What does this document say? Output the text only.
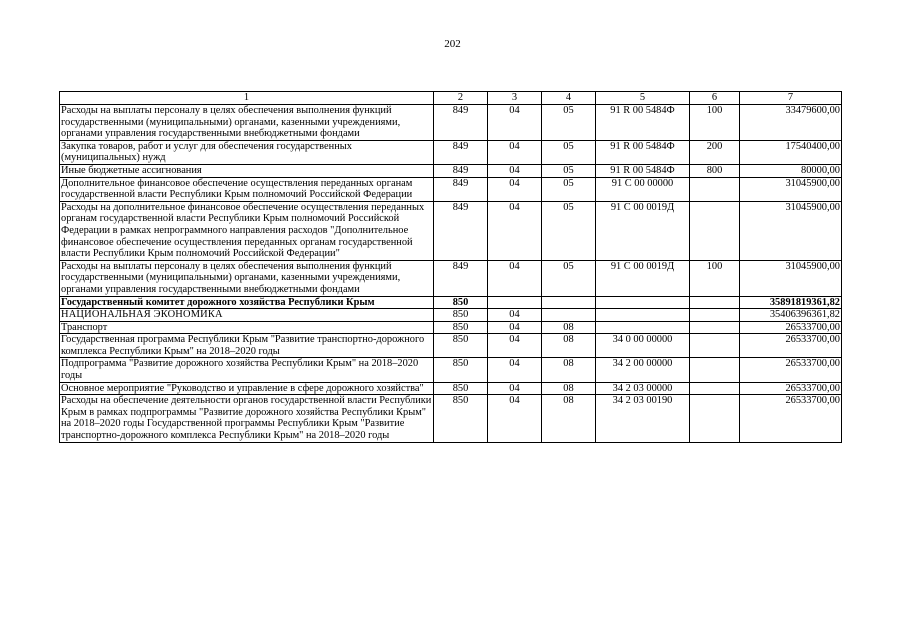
202
1	2	3	4	5	6	7
Расходы на выплаты персоналу в целях обеспечения выполнения функций государственными (муниципальными) органами, казенными учреждениями, органами управления государственными внебюджетными фондами	849	04	05	91 R 00 5484Ф	100	33479600,00
Закупка товаров, работ и услуг для обеспечения государственных (муниципальных) нужд	849	04	05	91 R 00 5484Ф	200	17540400,00
Иные бюджетные ассигнования	849	04	05	91 R 00 5484Ф	800	80000,00
Дополнительное финансовое обеспечение осуществления переданных органам государственной власти Республики Крым полномочий Российской Федерации	849	04	05	91 C 00 00000		31045900,00
Расходы на дополнительное финансовое обеспечение осуществления переданных органам государственной власти Республики Крым полномочий Российской Федерации в рамках непрограммного направления расходов "Дополнительное финансовое обеспечение осуществления переданных органам государственной власти Республики Крым полномочий Российской Федерации"	849	04	05	91 C 00 0019Д		31045900,00
Расходы на выплаты персоналу в целях обеспечения выполнения функций государственными (муниципальными) органами, казенными учреждениями, органами управления государственными внебюджетными фондами	849	04	05	91 C 00 0019Д	100	31045900,00
Государственный комитет дорожного хозяйства Республики Крым	850					35891819361,82
НАЦИОНАЛЬНАЯ ЭКОНОМИКА	850	04				35406396361,82
Транспорт	850	04	08			26533700,00
Государственная программа Республики Крым "Развитие транспортно-дорожного комплекса Республики Крым" на 2018–2020 годы	850	04	08	34 0 00 00000		26533700,00
Подпрограмма "Развитие дорожного хозяйства Республики Крым" на 2018–2020 годы	850	04	08	34 2 00 00000		26533700,00
Основное мероприятие "Руководство и управление в сфере дорожного хозяйства"	850	04	08	34 2 03 00000		26533700,00
Расходы на обеспечение деятельности органов государственной власти Республики Крым в рамках подпрограммы "Развитие дорожного хозяйства Республики Крым" на 2018–2020 годы Государственной программы Республики Крым "Развитие транспортно-дорожного комплекса Республики Крым" на 2018–2020 годы	850	04	08	34 2 03 00190		26533700,00
